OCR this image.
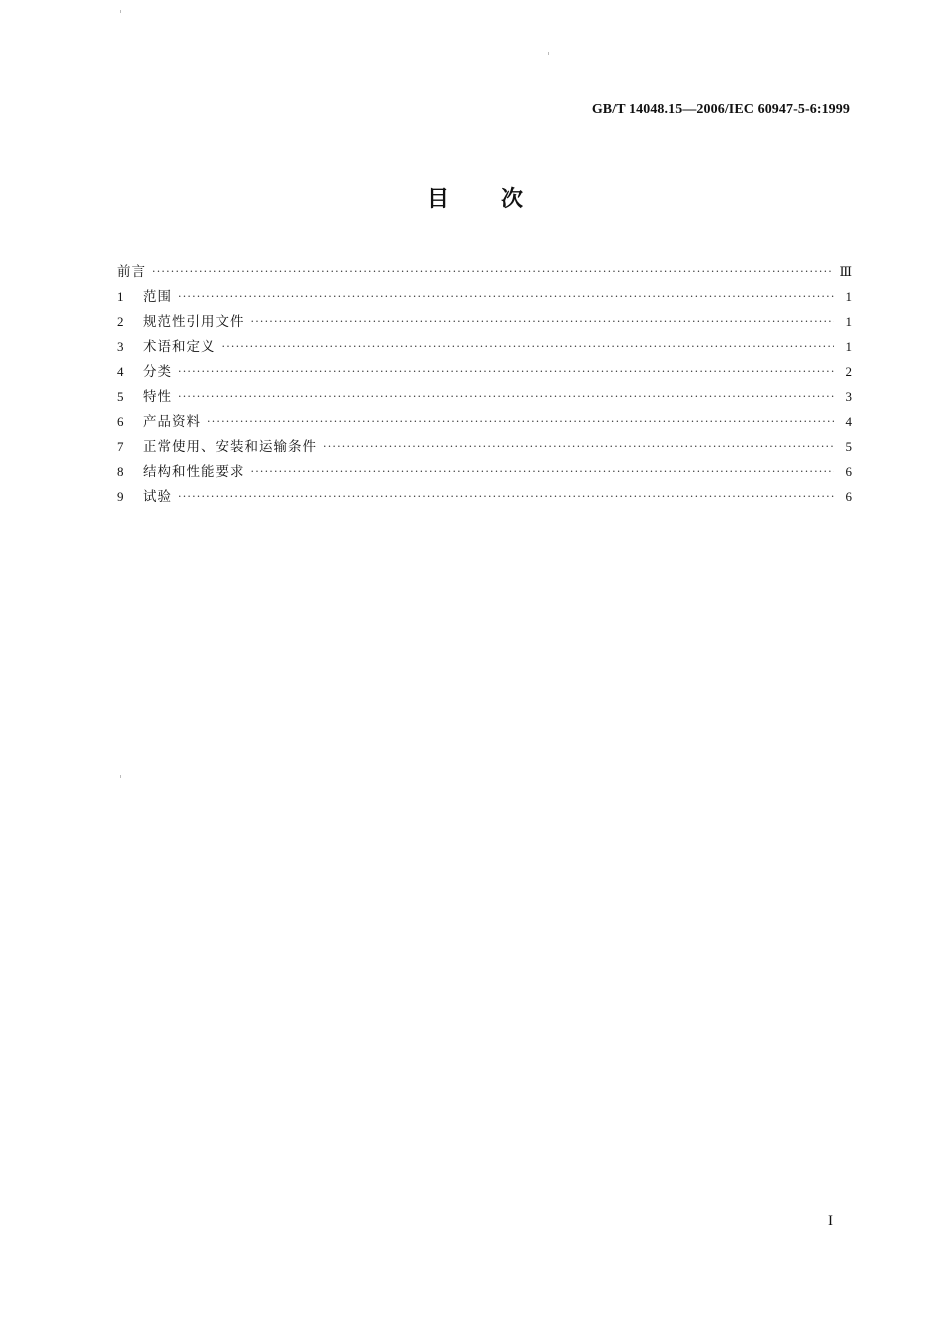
GB/T 14048.15—2006/IEC 60947-5-6:1999
目 次
前言 ·····	Ⅲ
1	范围 ·····	1
2	规范性引用文件 ·····	1
3	术语和定义 ·····	1
4	分类 ·····	2
5	特性 ·····	3
6	产品资料 ·····	4
7	正常使用、安装和运输条件 ·····	5
8	结构和性能要求 ·····	6
9	试验 ·····	6
I
